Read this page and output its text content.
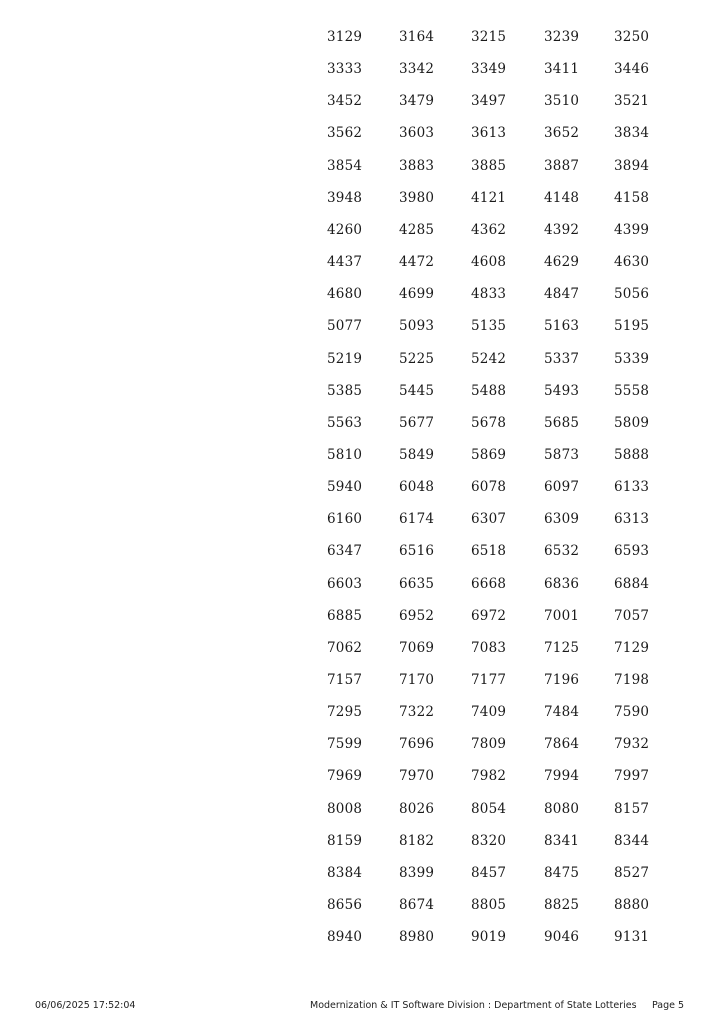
3129	3164	3215	3239	3250
3333	3342	3349	3411	3446
3452	3479	3497	3510	3521
3562	3603	3613	3652	3834
3854	3883	3885	3887	3894
3948	3980	4121	4148	4158
4260	4285	4362	4392	4399
4437	4472	4608	4629	4630
4680	4699	4833	4847	5056
5077	5093	5135	5163	5195
5219	5225	5242	5337	5339
5385	5445	5488	5493	5558
5563	5677	5678	5685	5809
5810	5849	5869	5873	5888
5940	6048	6078	6097	6133
6160	6174	6307	6309	6313
6347	6516	6518	6532	6593
6603	6635	6668	6836	6884
6885	6952	6972	7001	7057
7062	7069	7083	7125	7129
7157	7170	7177	7196	7198
7295	7322	7409	7484	7590
7599	7696	7809	7864	7932
7969	7970	7982	7994	7997
8008	8026	8054	8080	8157
8159	8182	8320	8341	8344
8384	8399	8457	8475	8527
8656	8674	8805	8825	8880
8940	8980	9019	9046	9131
06/06/2025 17:52:04	Modernization & IT Software Division : Department of State Lotteries Page 5
